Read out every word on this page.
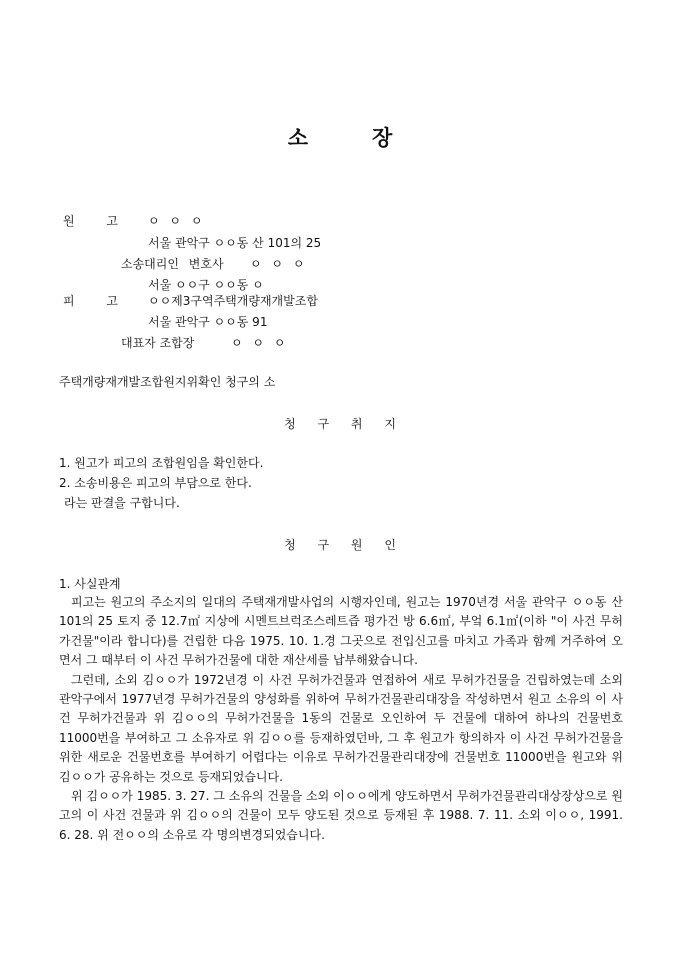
소	장
원 고	ㅇ ㅇ ㅇ
서울 관악구 ㅇㅇ동 산 101의 25
소송대리인 변호사 ㅇ ㅇ ㅇ
서울 ㅇㅇ구 ㅇㅇ동 ㅇ
피 고	ㅇㅇ제3구역주택개량재개발조합
서울 관악구 ㅇㅇ동 91
대표자 조합장	ㅇ ㅇ ㅇ
주택개량재개발조합원지위확인 청구의 소
청 구 취 지
1. 원고가 피고의 조합원임을 확인한다.
2. 소송비용은 피고의 부담으로 한다.
라는 판결을 구합니다.
청 구 원 인
1. 사실관계

피고는 원고의 주소지의 일대의 주택재개발사업의 시행자인데, 원고는 1970년경 서울 관악구 ㅇㅇ동 산 101의 25 토지 중 12.7㎡ 지상에 시멘트브럭조스레트즙 평가건 방 6.6㎡, 부엌 6.1㎡(이하 "이 사건 무허가건물"이라 합니다)를 건립한 다음 1975. 10. 1.경 그곳으로 전입신고를 마치고 가족과 함께 거주하여 오면서 그 때부터 이 사건 무허가건물에 대한 재산세를 납부해왔습니다.

그런데, 소외 김ㅇㅇ가 1972년경 이 사건 무허가건물과 연접하여 새로 무허가건물을 건립하였는데 소외 관악구에서 1977년경 무허가건물의 양성화를 위하여 무허가건물관리대장을 작성하면서 원고 소유의 이 사건 무허가건물과 위 김ㅇㅇ의 무허가건물을 1동의 건물로 오인하여 두 건물에 대하여 하나의 건물번호 11000번을 부여하고 그 소유자로 위 김ㅇㅇ를 등재하였던바, 그 후 원고가 항의하자 이 사건 무허가건물을 위한 새로운 건물번호를 부여하기 어렵다는 이유로 무허가건물관리대장에 건물번호 11000번을 원고와 위 김ㅇㅇ가 공유하는 것으로 등재되었습니다.

위 김ㅇㅇ가 1985. 3. 27. 그 소유의 건물을 소외 이ㅇㅇ에게 양도하면서 무허가건물관리대상장상으로 원고의 이 사건 건물과 위 김ㅇㅇ의 건물이 모두 양도된 것으로 등재된 후 1988. 7. 11. 소외 이ㅇㅇ, 1991. 6. 28. 위 전ㅇㅇ의 소유로 각 명의변경되었습니다.
